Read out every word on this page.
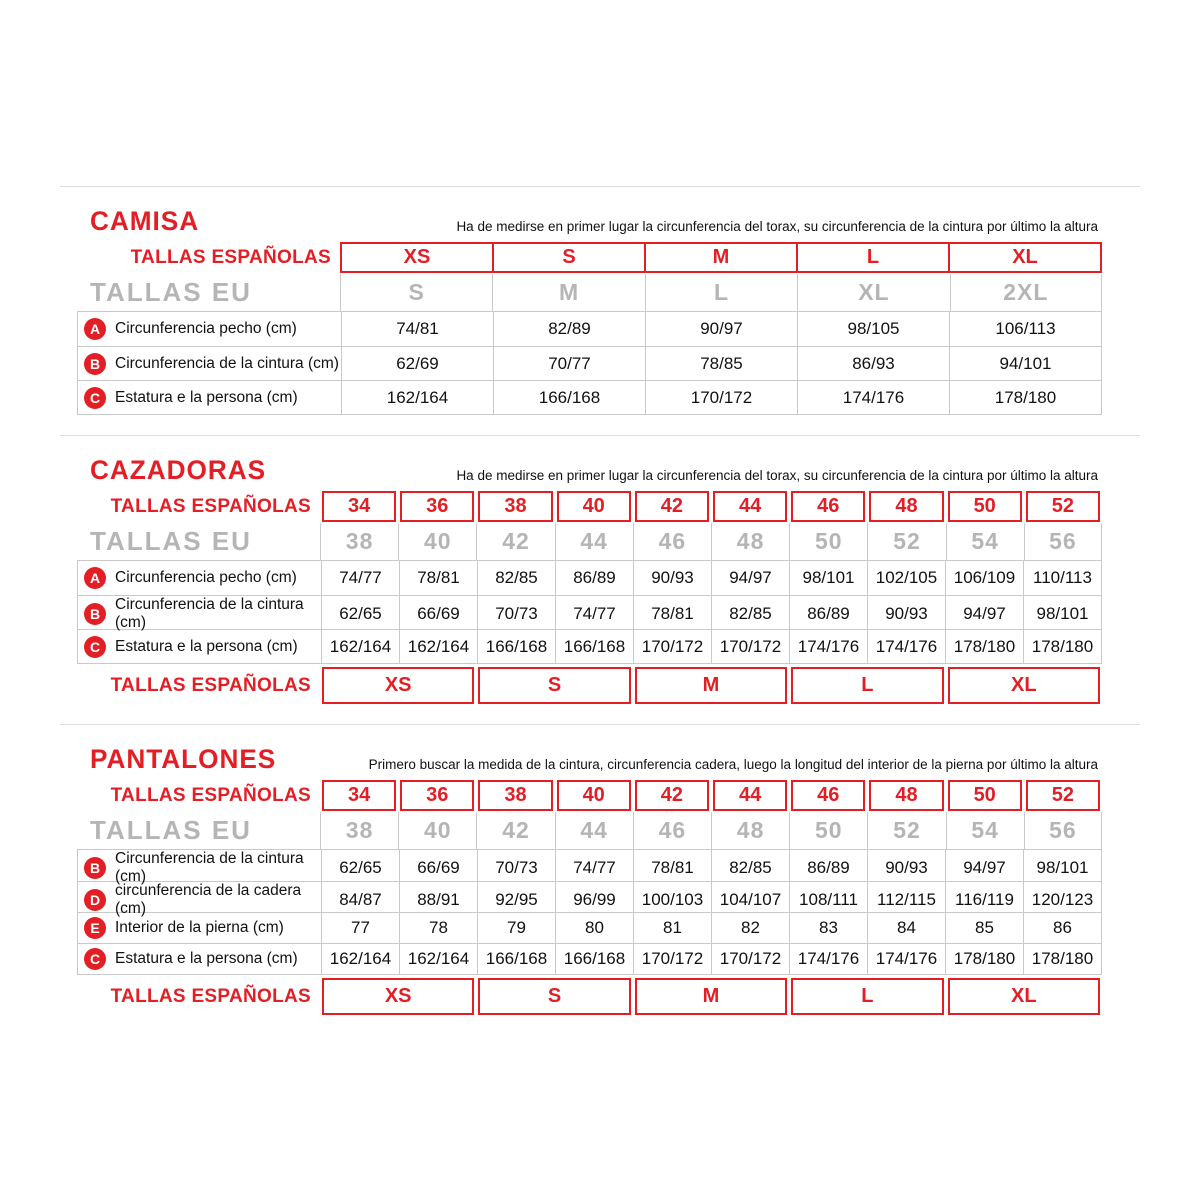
CAMISA	Ha de medirse en primer lugar la circunferencia del torax, su circunferencia de la cintura por último la altura

TALLAS ESPAÑOLAS	XS	S	M	L	XL
TALLAS EU	S	M	L	XL	2XL
A Circunferencia pecho (cm)	74/81	82/89	90/97	98/105	106/113
B Circunferencia de la cintura (cm)	62/69	70/77	78/85	86/93	94/101
C Estatura e la persona (cm)	162/164	166/168	170/172	174/176	178/180
CAZADORAS	Ha de medirse en primer lugar la circunferencia del torax, su circunferencia de la cintura por último la altura

TALLAS ESPAÑOLAS	34	36	38	40	42	44	46	48	50	52
TALLAS EU	38	40	42	44	46	48	50	52	54	56
A Circunferencia pecho (cm)	74/77	78/81	82/85	86/89	90/93	94/97	98/101	102/105 106/109	110/113
B
Circunferencia de la cintura (cm)	62/65	66/69	70/73	74/77	78/81	82/85	86/89	90/93	94/97	98/101
C Estatura e la persona (cm)	162/164 162/164 166/168 166/168 170/172 170/172 174/176 174/176 178/180 178/180
TALLAS ESPAÑOLAS	XS	S	M	L	XL
PANTALONES	Primero buscar la medida de la cintura, circunferencia cadera, luego la longitud del interior de la pierna por último la altura

TALLAS ESPAÑOLAS	34	36	38	40	42	44	46	48	50	52
TALLAS EU	38	40	42	44	46	48	50	52	54	56
B
Circunferencia de la cintura (cm)	62/65	66/69	70/73	74/77	78/81	82/85	86/89	90/93	94/97	98/101
D
circunferencia de la cadera (cm)	84/87	88/91	92/95	96/99	100/103 104/107	108/111	112/115	116/119	120/123
E Interior de la pierna (cm)	77	78	79	80	81	82	83	84	85	86
C Estatura e la persona (cm)	162/164 162/164 166/168 166/168 170/172 170/172 174/176 174/176 178/180 178/180
TALLAS ESPAÑOLAS	XS	S	M	L	XL
